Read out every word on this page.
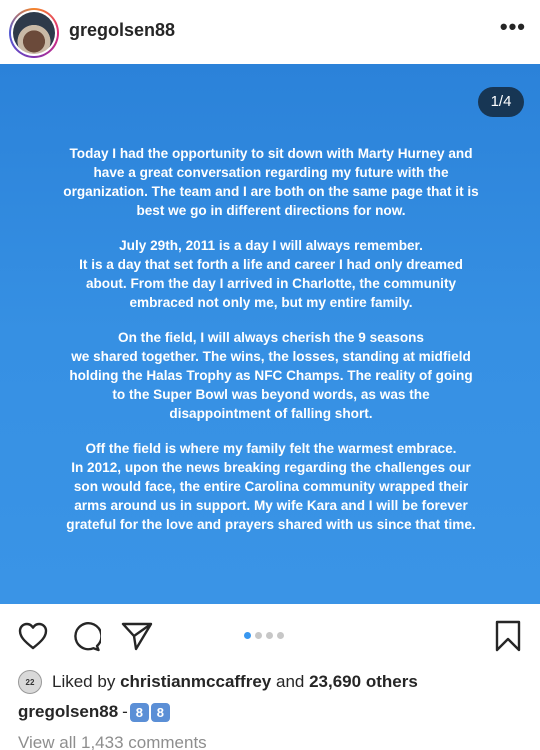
gregolsen88	•••
1/4

Today I had the opportunity to sit down with Marty Hurney and
have a great conversation regarding my future with the
organization. The team and I are both on the same page that it is
best we go in different directions for now.

July 29th, 2011 is a day I will always remember.
It is a day that set forth a life and career I had only dreamed
about. From the day I arrived in Charlotte, the community
embraced not only me, but my entire family.

On the field, I will always cherish the 9 seasons
we shared together. The wins, the losses, standing at midfield
holding the Halas Trophy as NFC Champs. The reality of going
to the Super Bowl was beyond words, as was the
disappointment of falling short.

Off the field is where my family felt the warmest embrace.
In 2012, upon the news breaking regarding the challenges our
son would face, the entire Carolina community wrapped their
arms around us in support. My wife Kara and I will be forever
grateful for the love and prayers shared with us since that time.

22	Liked by
christianmccaffrey
and
23,690 others
gregolsen88 - 8	8
View all 1,433 comments
